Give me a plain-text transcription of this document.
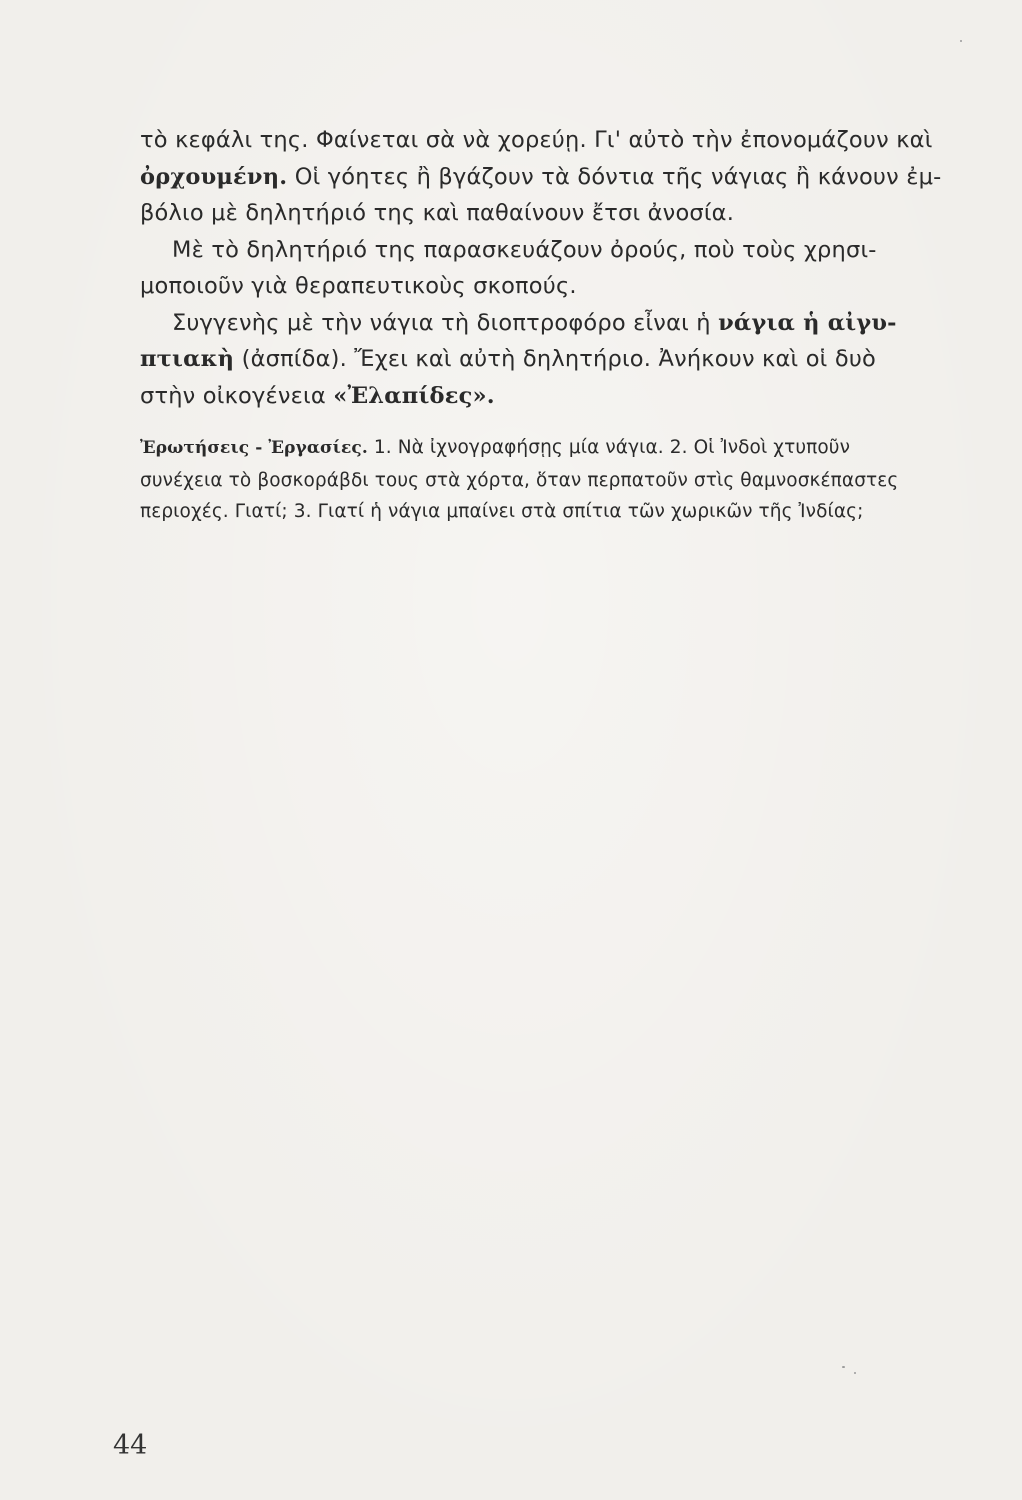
τὸ κεφάλι της. Φαίνεται σὰ νὰ χορεύῃ. Γι' αὐτὸ τὴν ἐπονομάζουν καὶ
ὀρχουμένη. Οἱ γόητες ἢ βγάζουν τὰ δόντια τῆς νάγιας ἢ κάνουν ἐμ-
βόλιο μὲ δηλητήριό της καὶ παθαίνουν ἔτσι ἀνοσία.
Μὲ τὸ δηλητήριό της παρασκευάζουν ὀρούς, ποὺ τοὺς χρησι-
μοποιοῦν γιὰ θεραπευτικοὺς σκοπούς.
Συγγενὴς μὲ τὴν νάγια τὴ διοπτροφόρο εἶναι ἡ νάγια ἡ αἰγυ-
πτιακὴ (ἀσπίδα). Ἔχει καὶ αὐτὴ δηλητήριο. Ἀνήκουν καὶ οἱ δυὸ
στὴν οἰκογένεια «Ἐλαπίδες».
Ἐρωτήσεις - Ἐργασίες. 1. Νὰ ἰχνογραφήσῃς μία νάγια. 2. Οἱ Ἰνδοὶ χτυποῦν
συνέχεια τὸ βοσκοράβδι τους στὰ χόρτα, ὅταν περπατοῦν στὶς θαμνοσκέπαστες
περιοχές. Γιατί; 3. Γιατί ἡ νάγια μπαίνει στὰ σπίτια τῶν χωρικῶν τῆς Ἰνδίας;
44
